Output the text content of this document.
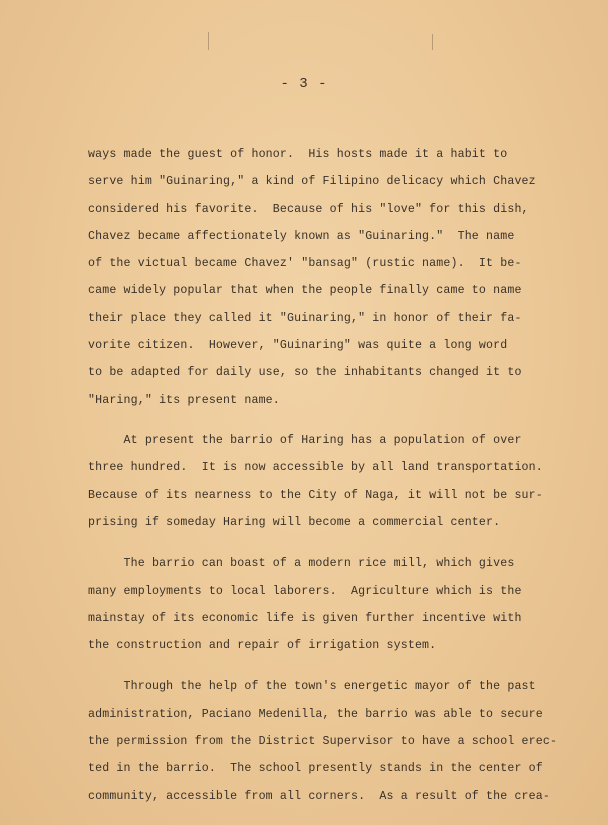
- 3 -
ways made the guest of honor.  His hosts made it a habit to
serve him "Guinaring," a kind of Filipino delicacy which Chavez
considered his favorite.  Because of his "love" for this dish,
Chavez became affectionately known as "Guinaring."  The name
of the victual became Chavez' "bansag" (rustic name).  It be-
came widely popular that when the people finally came to name
their place they called it "Guinaring," in honor of their fa-
vorite citizen.  However, "Guinaring" was quite a long word
to be adapted for daily use, so the inhabitants changed it to
"Haring," its present name.
At present the barrio of Haring has a population of over
three hundred.  It is now accessible by all land transportation.
Because of its nearness to the City of Naga, it will not be sur-
prising if someday Haring will become a commercial center.
The barrio can boast of a modern rice mill, which gives
many employments to local laborers.  Agriculture which is the
mainstay of its economic life is given further incentive with
the construction and repair of irrigation system.
Through the help of the town's energetic mayor of the past
administration, Paciano Medenilla, the barrio was able to secure
the permission from the District Supervisor to have a school erec-
ted in the barrio.  The school presently stands in the center of
community, accessible from all corners.  As a result of the crea-
